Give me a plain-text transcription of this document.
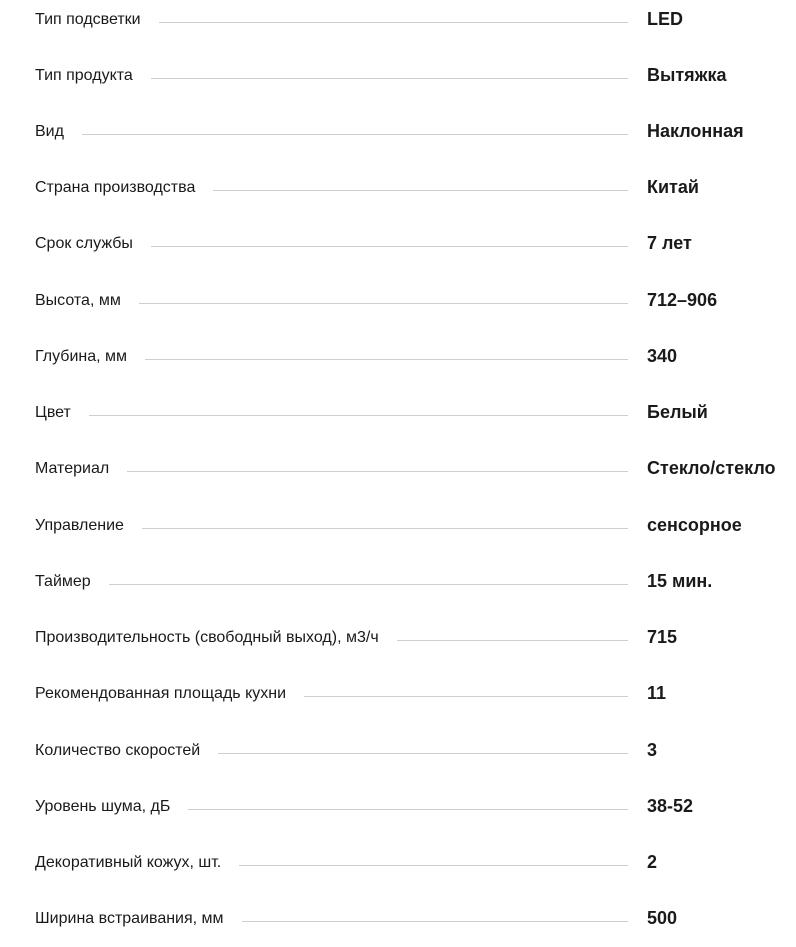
Тип подсветки	LED
Тип продукта	Вытяжка
Вид	Наклонная
Страна производства	Китай
Срок службы	7 лет
Высота, мм	712–906
Глубина, мм	340
Цвет	Белый
Материал	Стекло/стекло
Управление	сенсорное
Таймер	15 мин.
Производительность (свободный выход), м3/ч	715
Рекомендованная площадь кухни	11
Количество скоростей	3
Уровень шума, дБ	38-52
Декоративный кожух, шт.	2
Ширина встраивания, мм	500
